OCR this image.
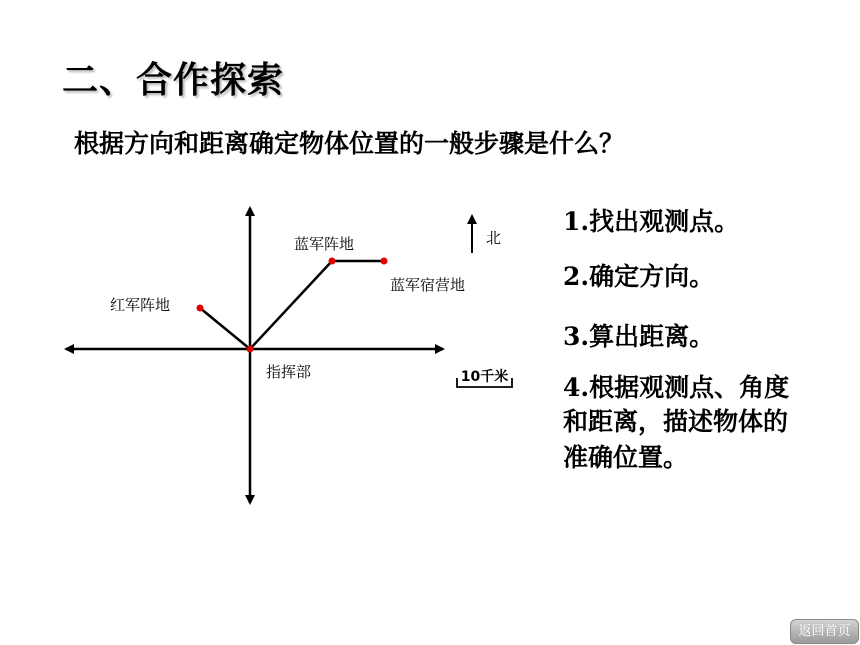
二、合作探索
根据方向和距离确定物体位置的一般步骤是什么？
红军阵地
蓝军阵地
蓝军宿营地
指挥部
北
10千米
1.找出观测点。
2.确定方向。
3.算出距离。
4.根据观测点、角度
和距离，描述物体的
准确位置。
返回首页
